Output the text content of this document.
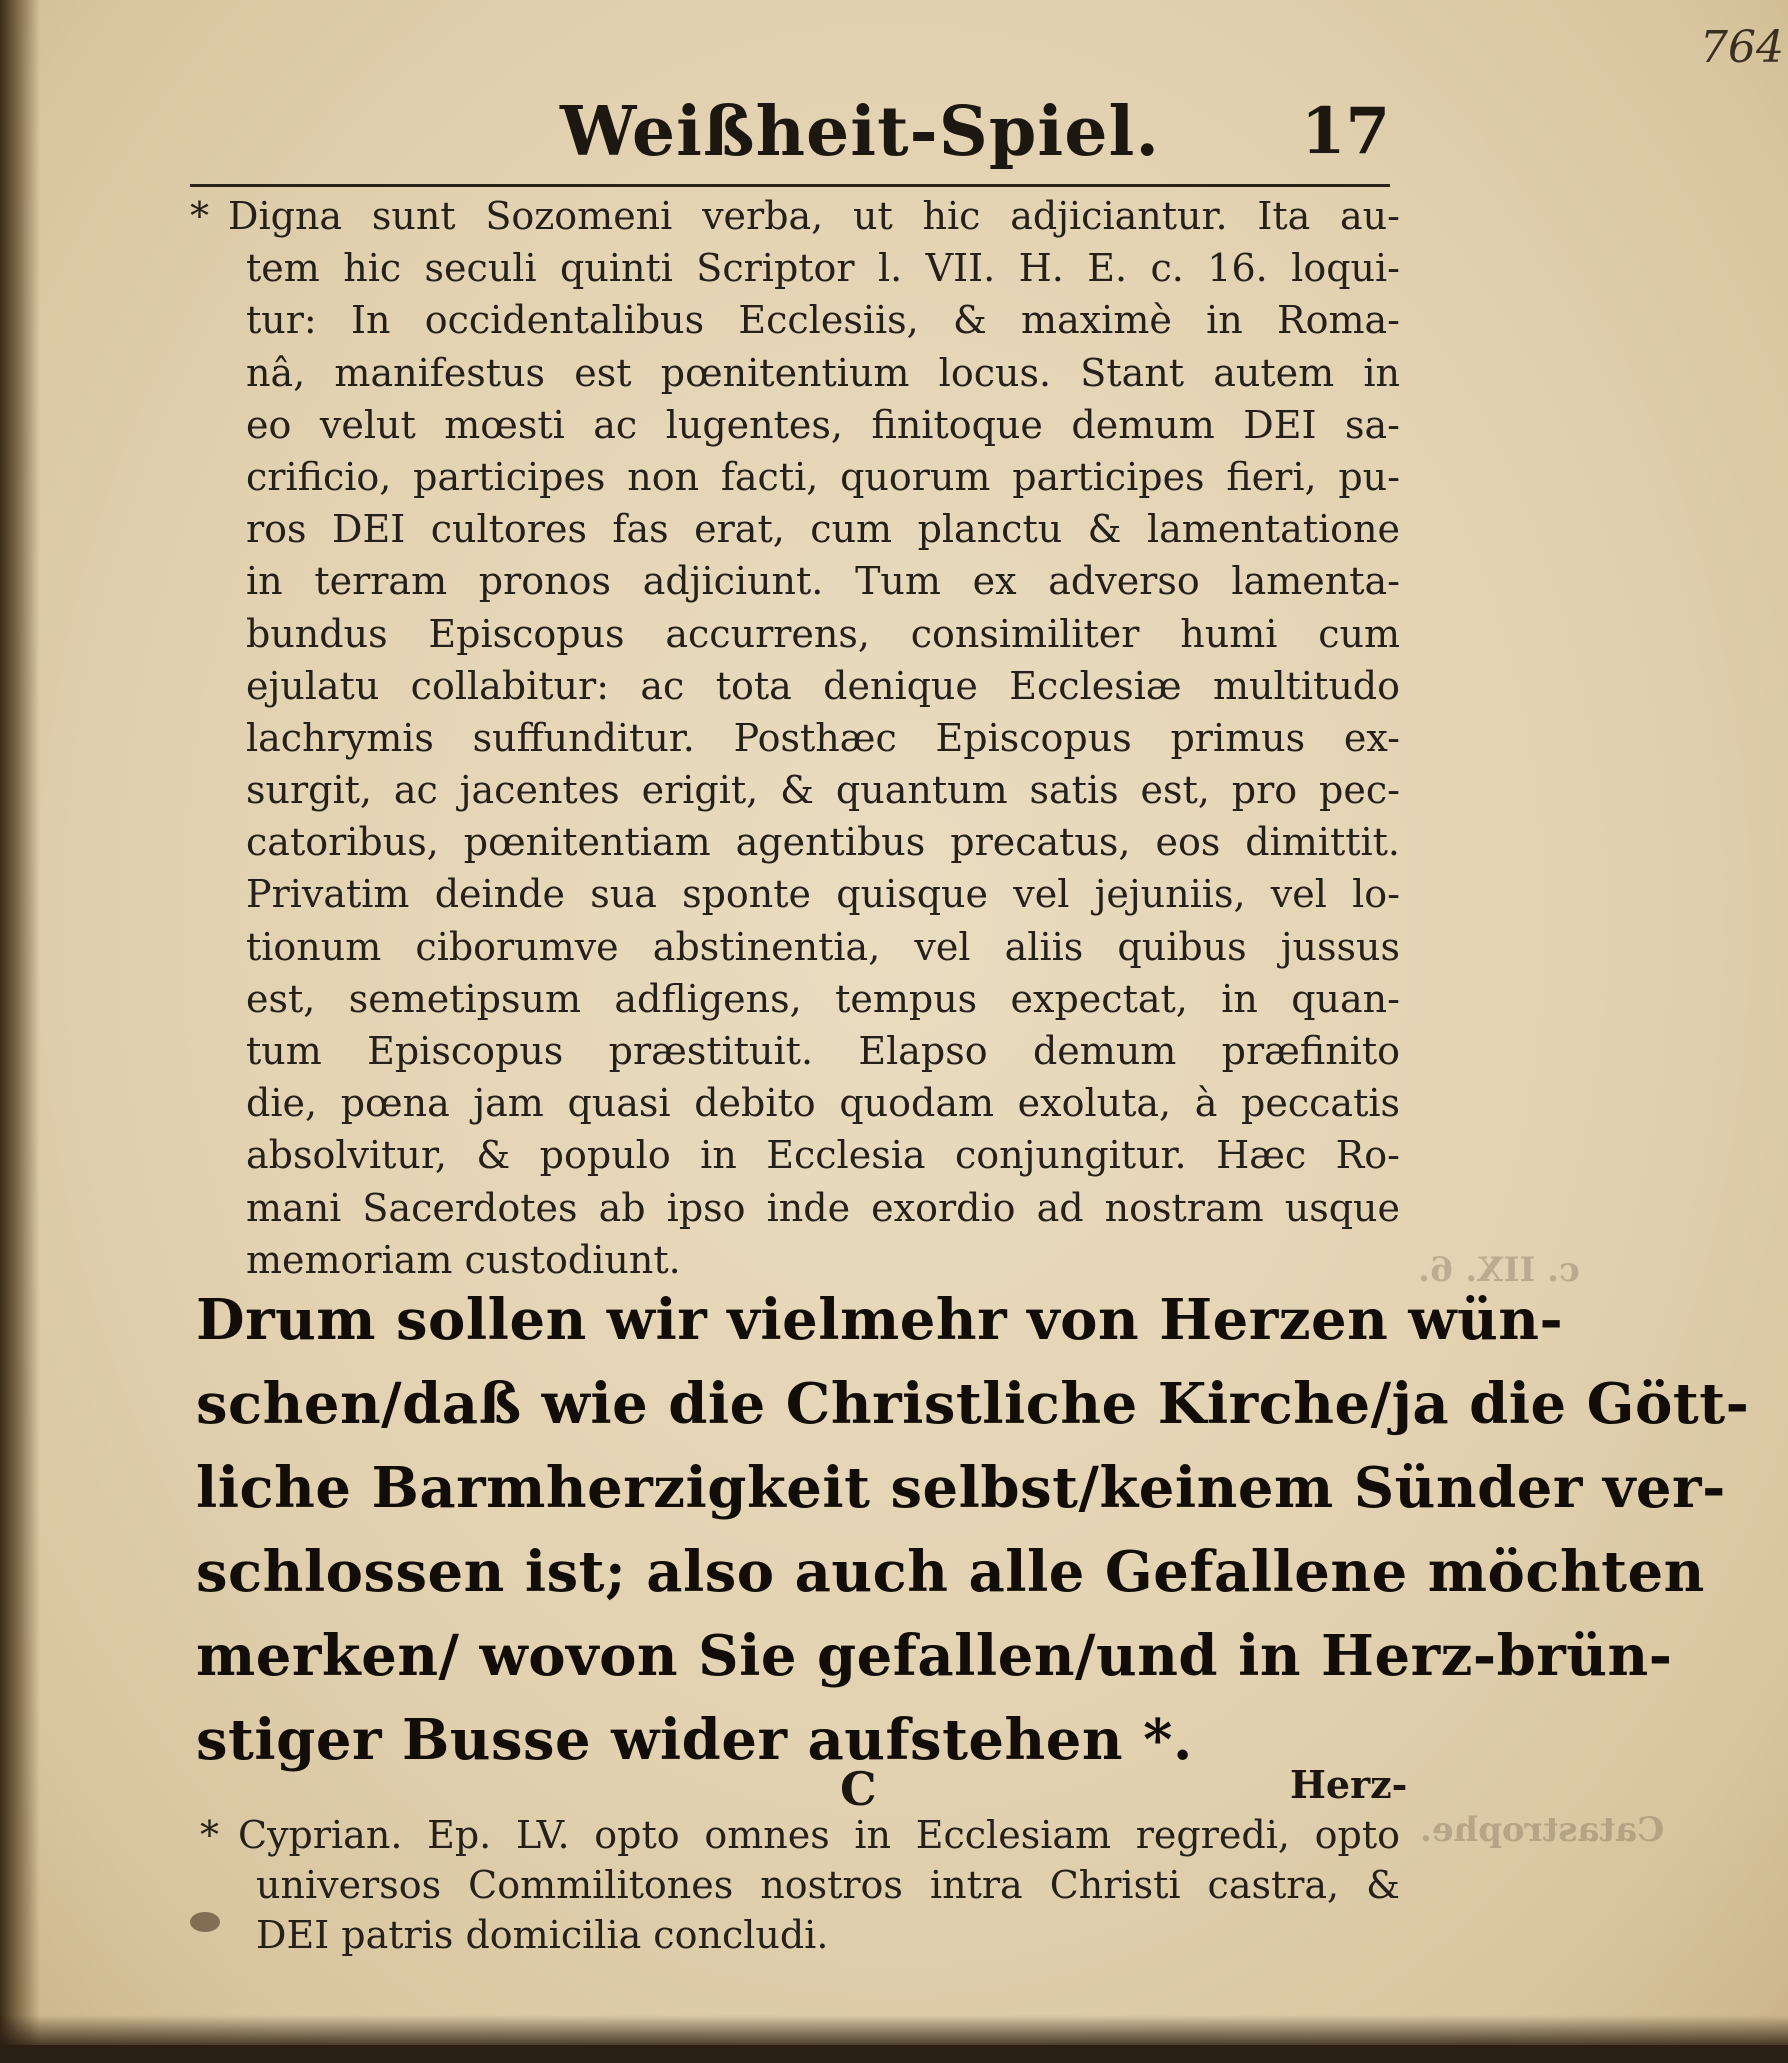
c. IIX. 6.
Catastrophe.
764
Weißheit-Spiel. 17
* Digna sunt Sozomeni verba, ut hic adjiciantur. Ita au-
tem hic seculi quinti Scriptor l. VII. H. E. c. 16. loqui-
tur: In occidentalibus Ecclesiis, & maximè in Roma-
nâ, manifestus est pœnitentium locus. Stant autem in
eo velut mœsti ac lugentes, finitoque demum DEI sa-
crificio, participes non facti, quorum participes fieri, pu-
ros DEI cultores fas erat, cum planctu & lamentatione
in terram pronos adjiciunt. Tum ex adverso lamenta-
bundus Episcopus accurrens, consimiliter humi cum
ejulatu collabitur: ac tota denique Ecclesiæ multitudo
lachrymis suffunditur. Posthæc Episcopus primus ex-
surgit, ac jacentes erigit, & quantum satis est, pro pec-
catoribus, pœnitentiam agentibus precatus, eos dimittit.
Privatim deinde sua sponte quisque vel jejuniis, vel lo-
tionum ciborumve abstinentia, vel aliis quibus jussus
est, semetipsum adfligens, tempus expectat, in quan-
tum Episcopus præstituit. Elapso demum præfinito
die, pœna jam quasi debito quodam exoluta, à peccatis
absolvitur, & populo in Ecclesia conjungitur. Hæc Ro-
mani Sacerdotes ab ipso inde exordio ad nostram usque
memoriam custodiunt.
Drum sollen wir vielmehr von Herzen wün-
schen/daß wie die Christliche Kirche/ja die Gött-
liche Barmherzigkeit selbst/keinem Sünder ver-
schlossen ist; also auch alle Gefallene möchten
merken/ wovon Sie gefallen/und in Herz-brün-
stiger Busse wider aufstehen *.
C	Herz-
* Cyprian. Ep. LV. opto omnes in Ecclesiam regredi, opto
universos Commilitones nostros intra Christi castra, &
DEI patris domicilia concludi.
